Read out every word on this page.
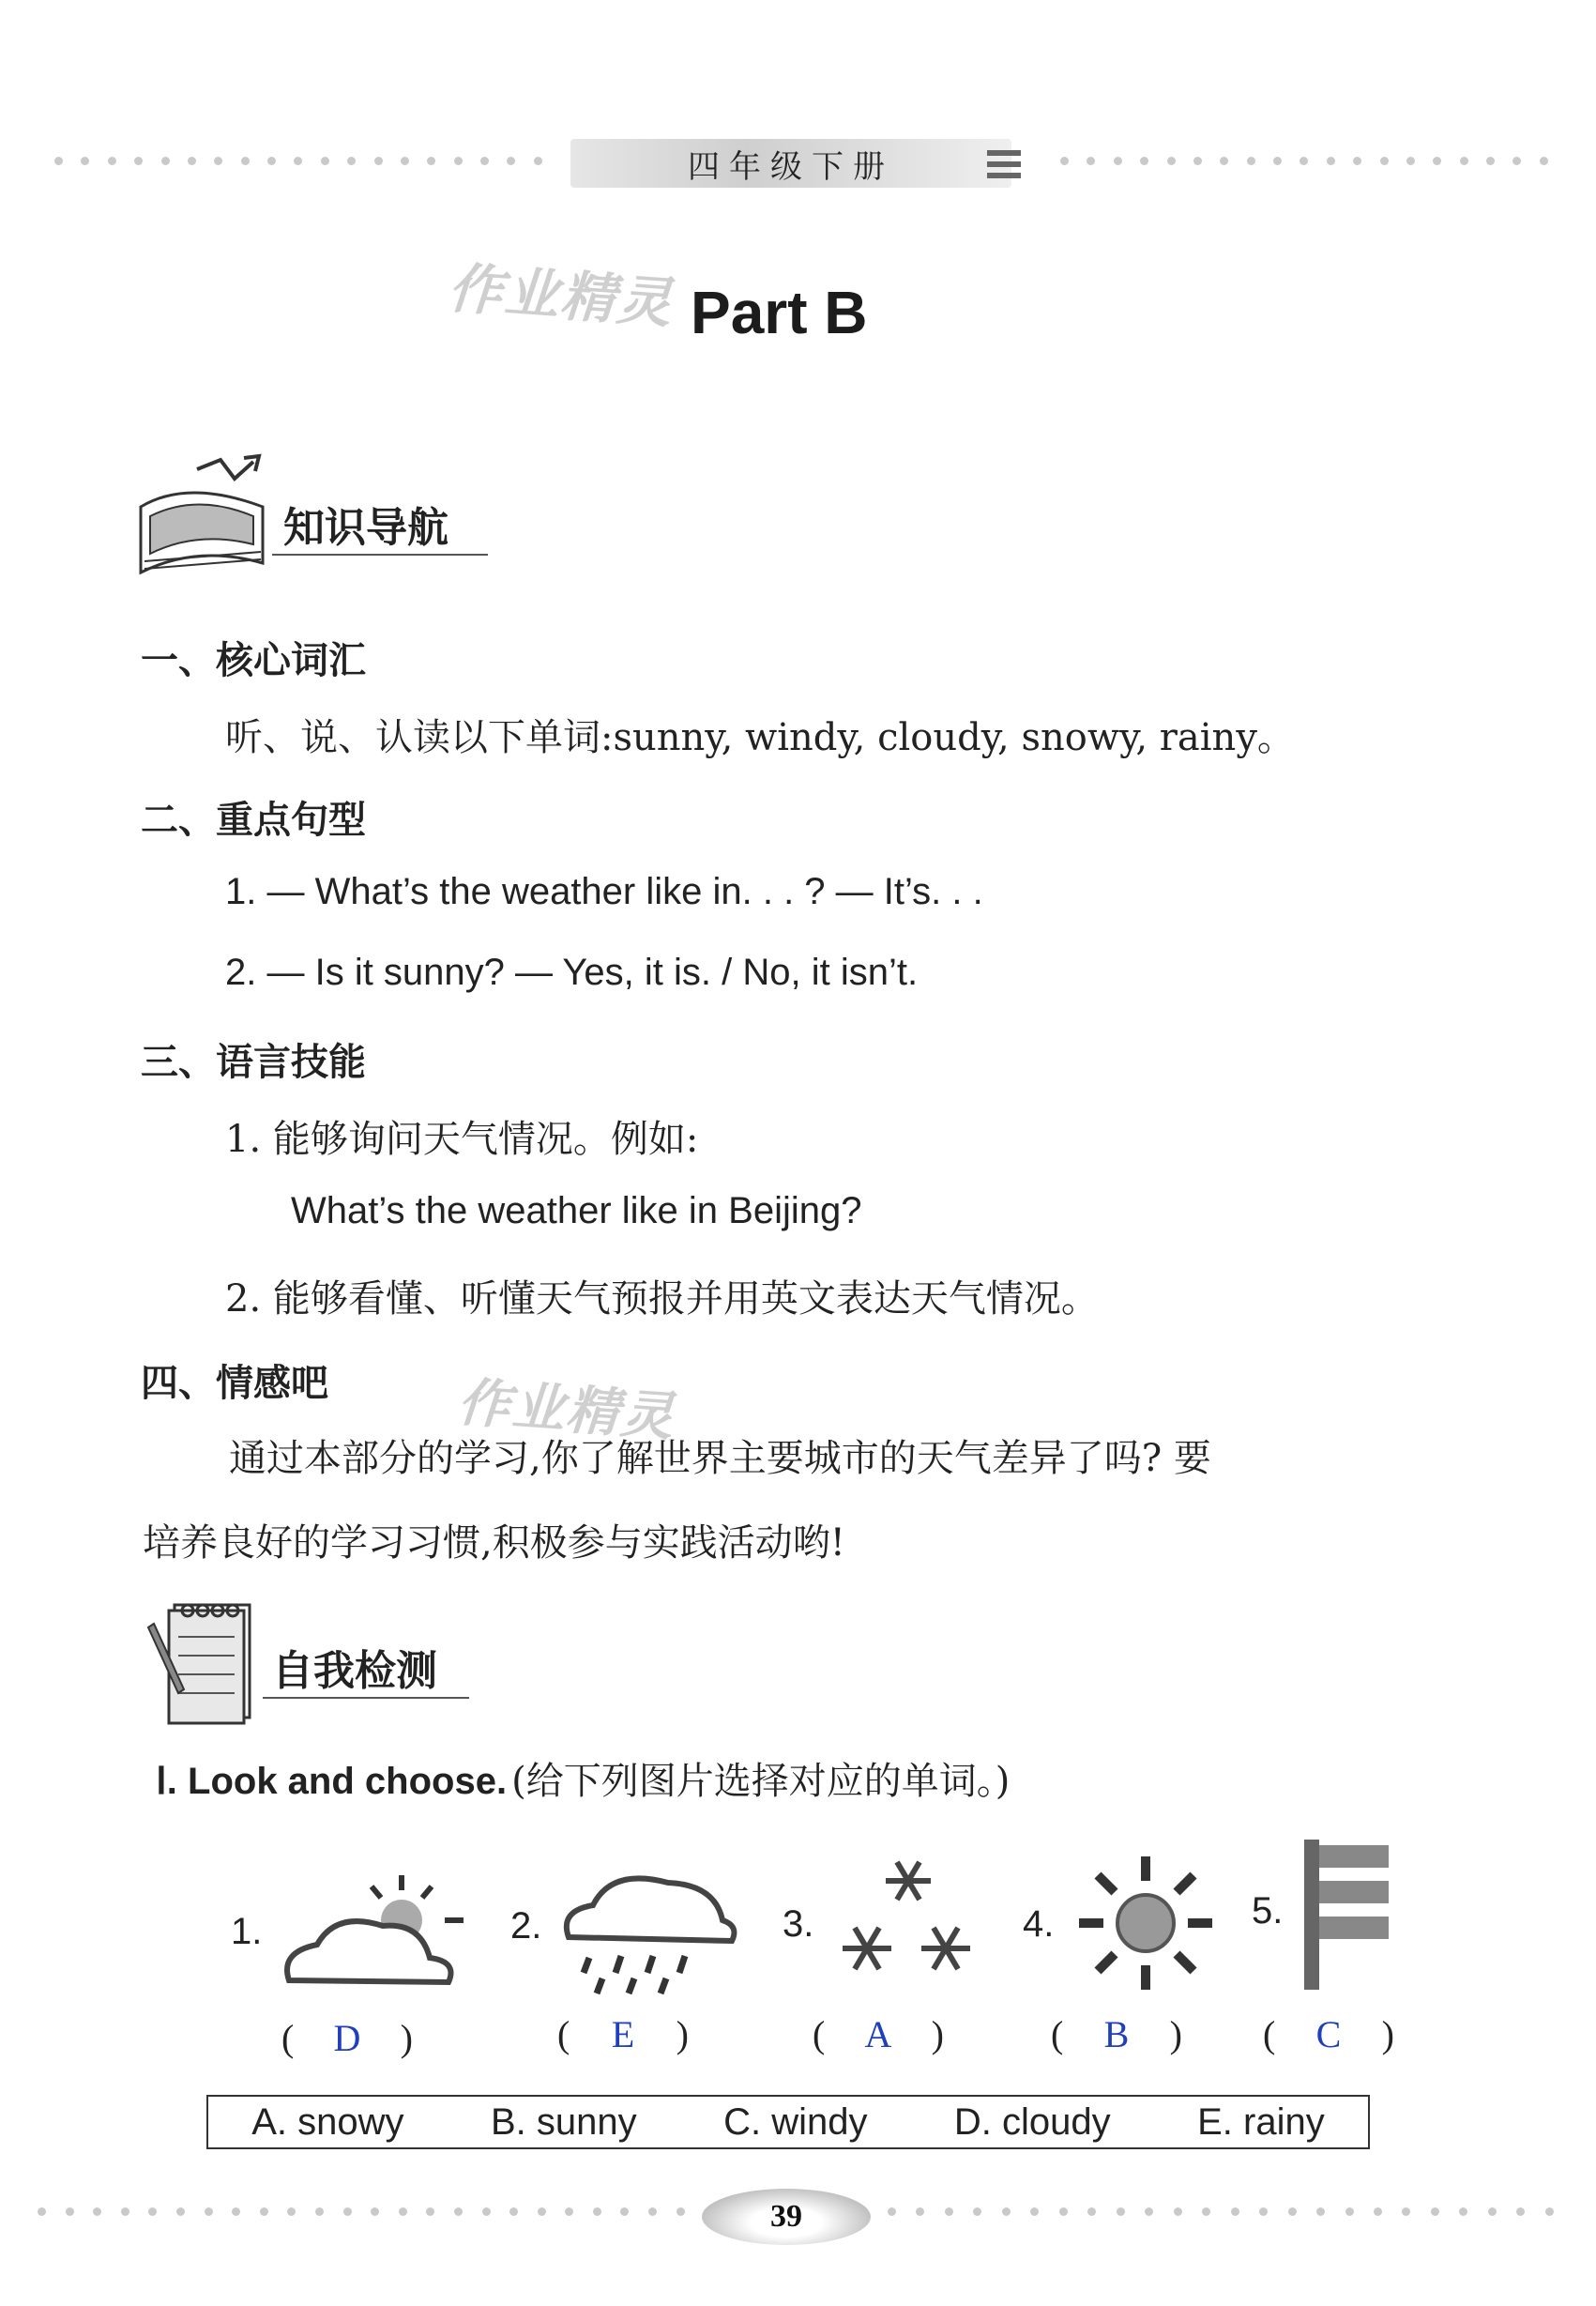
四年级下册
作业精灵 Part B
知识导航
一、核心词汇
听、说、认读以下单词:sunny, windy, cloudy, snowy, rainy。
二、重点句型
1. — What’s the weather like in. . . ? — It’s. . .
2. — Is it sunny? — Yes, it is. / No, it isn’t.
三、语言技能
1. 能够询问天气情况。例如:
What’s the weather like in Beijing?
2. 能够看懂、听懂天气预报并用英文表达天气情况。
四、情感吧 作业精灵
通过本部分的学习,你了解世界主要城市的天气差异了吗? 要
培养良好的学习习惯,积极参与实践活动哟!
自我检测
Ⅰ. Look and choose. (给下列图片选择对应的单词。)
1.	2.	3.	4.	5.
( D )	( E )	( A )	( B ) ( C )
A. snowy B. sunny C. windy D. cloudy E. rainy
39
